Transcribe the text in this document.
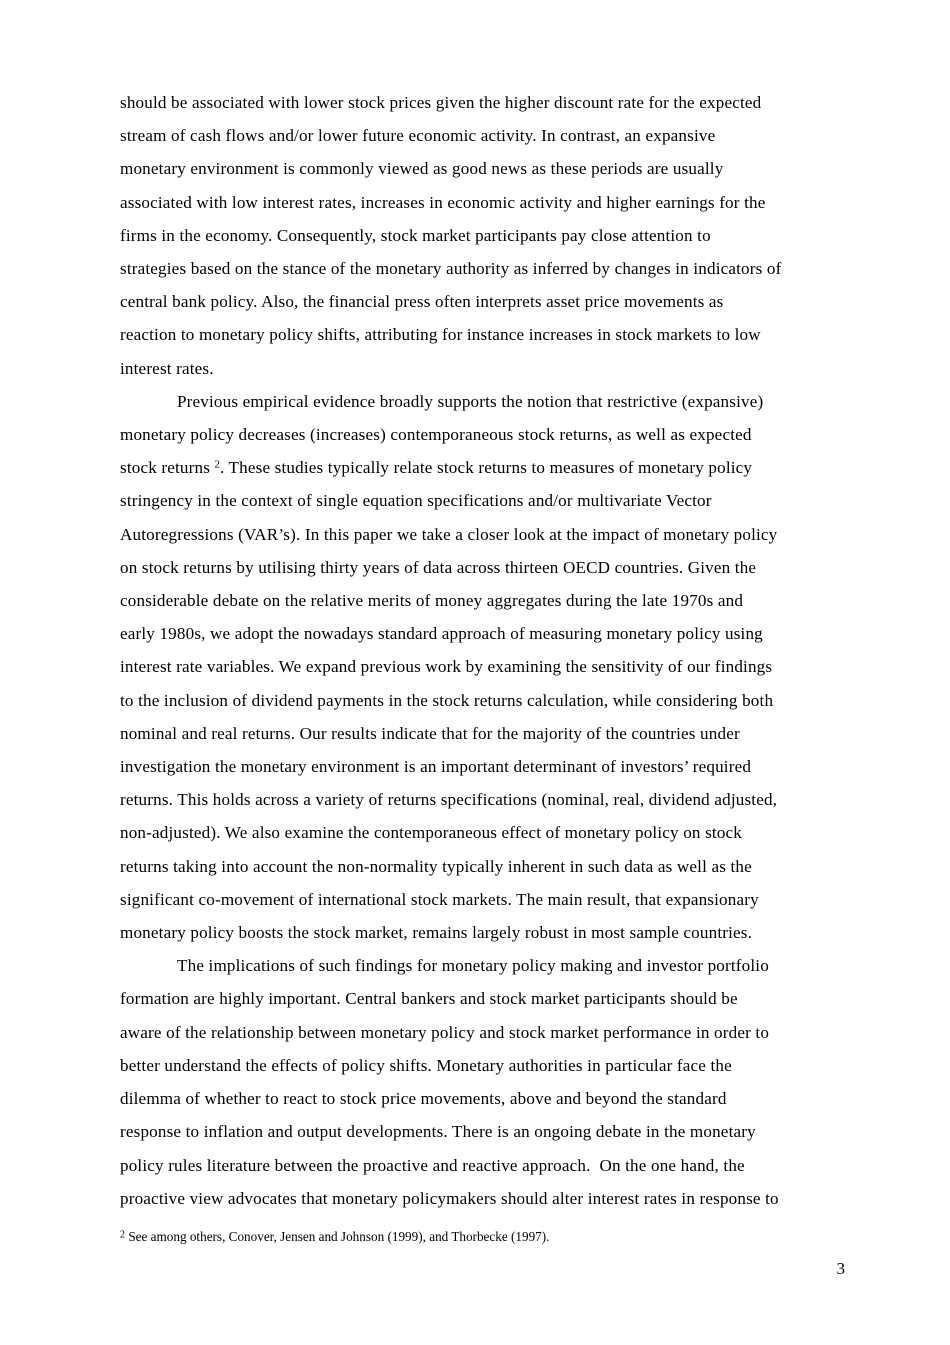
should be associated with lower stock prices given the higher discount rate for the expected
stream of cash flows and/or lower future economic activity. In contrast, an expansive
monetary environment is commonly viewed as good news as these periods are usually
associated with low interest rates, increases in economic activity and higher earnings for the
firms in the economy. Consequently, stock market participants pay close attention to
strategies based on the stance of the monetary authority as inferred by changes in indicators of
central bank policy. Also, the financial press often interprets asset price movements as
reaction to monetary policy shifts, attributing for instance increases in stock markets to low
interest rates.
Previous empirical evidence broadly supports the notion that restrictive (expansive)
monetary policy decreases (increases) contemporaneous stock returns, as well as expected
stock returns $^2$. These studies typically relate stock returns to measures of monetary policy
stringency in the context of single equation specifications and/or multivariate Vector
Autoregressions (VAR’s). In this paper we take a closer look at the impact of monetary policy
on stock returns by utilising thirty years of data across thirteen OECD countries. Given the
considerable debate on the relative merits of money aggregates during the late 1970s and
early 1980s, we adopt the nowadays standard approach of measuring monetary policy using
interest rate variables. We expand previous work by examining the sensitivity of our findings
to the inclusion of dividend payments in the stock returns calculation, while considering both
nominal and real returns. Our results indicate that for the majority of the countries under
investigation the monetary environment is an important determinant of investors’ required
returns. This holds across a variety of returns specifications (nominal, real, dividend adjusted,
non-adjusted). We also examine the contemporaneous effect of monetary policy on stock
returns taking into account the non-normality typically inherent in such data as well as the
significant co-movement of international stock markets. The main result, that expansionary
monetary policy boosts the stock market, remains largely robust in most sample countries.
The implications of such findings for monetary policy making and investor portfolio
formation are highly important. Central bankers and stock market participants should be
aware of the relationship between monetary policy and stock market performance in order to
better understand the effects of policy shifts. Monetary authorities in particular face the
dilemma of whether to react to stock price movements, above and beyond the standard
response to inflation and output developments. There is an ongoing debate in the monetary
policy rules literature between the proactive and reactive approach.  On the one hand, the
proactive view advocates that monetary policymakers should alter interest rates in response to
$^2$ See among others, Conover, Jensen and Johnson (1999), and Thorbecke (1997).
3
